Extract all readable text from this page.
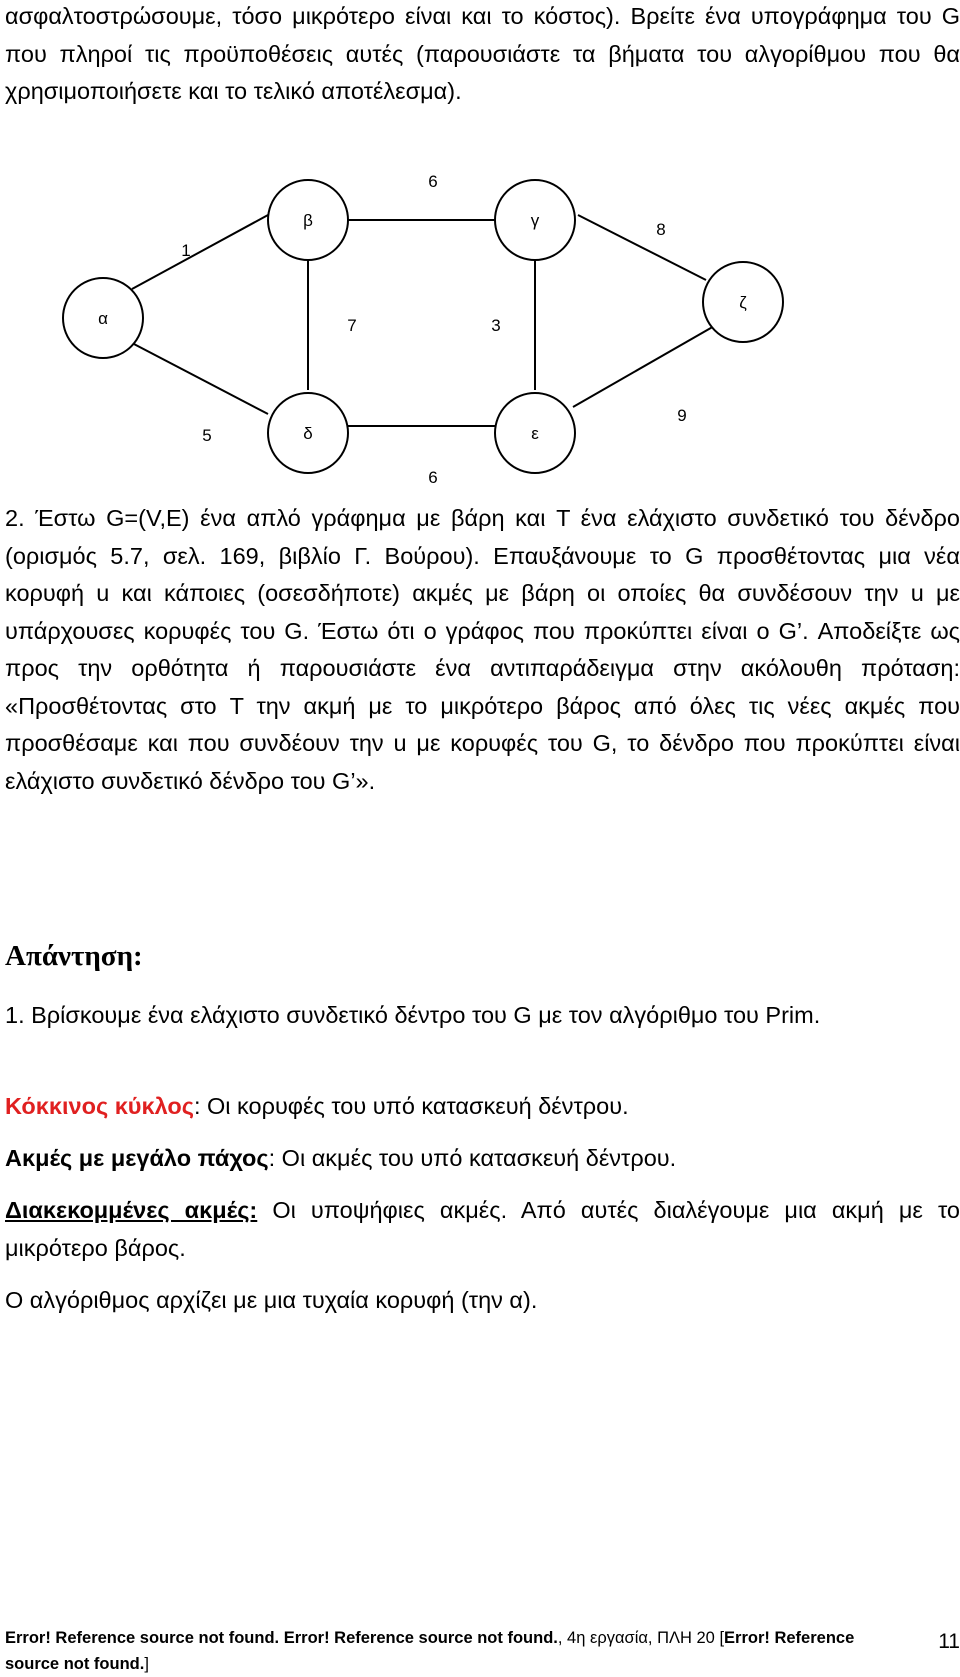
ασφαλτοστρώσουμε, τόσο μικρότερο είναι και το κόστος). Βρείτε ένα υπογράφημα του G που πληροί τις προϋποθέσεις αυτές (παρουσιάστε τα βήματα του αλγορίθμου που θα χρησιμοποιήσετε και το τελικό αποτέλεσμα).

α
β	γ
ζ
δ	ε
1
6
8
7	3
5
6
9

2. Έστω G=(V,E) ένα απλό γράφημα με βάρη και T ένα ελάχιστο συνδετικό του δένδρο (ορισμός 5.7, σελ. 169, βιβλίο Γ. Βούρου). Επαυξάνουμε το G προσθέτοντας μια νέα κορυφή u και κάποιες (οσεσδήποτε) ακμές με βάρη οι οποίες θα συνδέσουν την u με υπάρχουσες κορυφές του G. Έστω ότι ο γράφος που προκύπτει είναι ο G’. Αποδείξτε ως προς την ορθότητα ή παρουσιάστε ένα αντιπαράδειγμα στην ακόλουθη πρόταση: «Προσθέτοντας στο T την ακμή με το μικρότερο βάρος από όλες τις νέες ακμές που προσθέσαμε και που συνδέουν την u με κορυφές του G, το δένδρο που προκύπτει είναι ελάχιστο συνδετικό δένδρο του G’».

Απάντηση:

1. Βρίσκουμε ένα ελάχιστο συνδετικό δέντρο του G με τον αλγόριθμο του Prim.

Κόκκινος κύκλος: Οι κορυφές του υπό κατασκευή δέντρου.

Ακμές με μεγάλο πάχος: Οι ακμές του υπό κατασκευή δέντρου.

Διακεκομμένες ακμές: Οι υποψήφιες ακμές. Από αυτές διαλέγουμε μια ακμή με το μικρότερο βάρος.

Ο αλγόριθμος αρχίζει με μια τυχαία κορυφή (την α).

Error! Reference source not found. Error! Reference source not found., 4η εργασία, ΠΛΗ 20 [Error! Reference source not found.]
11
